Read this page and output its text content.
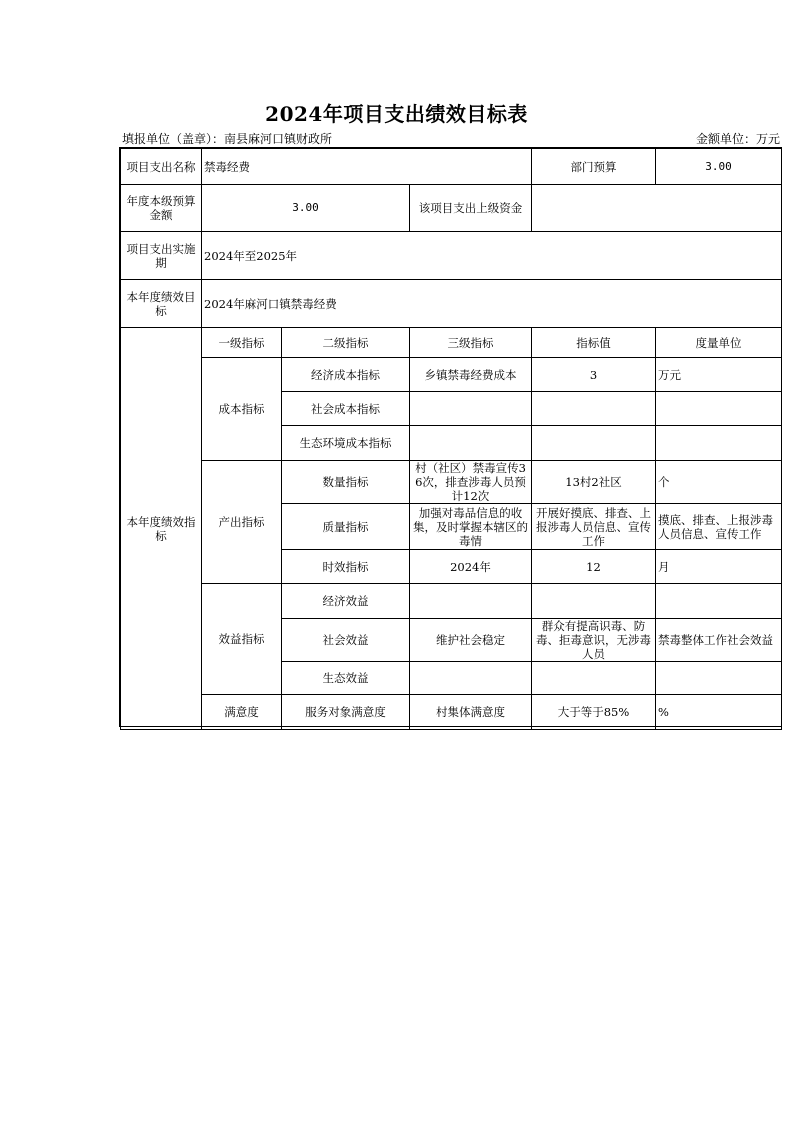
2024年项目支出绩效目标表
填报单位（盖章）：南县麻河口镇财政所	金额单位：万元
项目支出名称	禁毒经费			部门预算	3.00
年度本级预算金额	3.00		该项目支出上级资金		
项目支出实施期	2024年至2025年				
本年度绩效目标	2024年麻河口镇禁毒经费				
本年度绩效指标	一级指标	二级指标	三级指标	指标值	度量单位
	成本指标	经济成本指标	乡镇禁毒经费成本	3	万元
		社会成本指标			
		生态环境成本指标			
	产出指标	数量指标	村（社区）禁毒宣传36次，排查涉毒人员预计12次	13村2社区	个
		质量指标	加强对毒品信息的收集，及时掌握本辖区的毒情	开展好摸底、排查、上报涉毒人员信息、宣传工作	摸底、排查、上报涉毒人员信息、宣传工作
		时效指标	2024年	12	月
	效益指标	经济效益			
		社会效益	维护社会稳定	群众有提高识毒、防毒、拒毒意识，无涉毒人员	禁毒整体工作社会效益
		生态效益			
	满意度	服务对象满意度	村集体满意度	大于等于85%	%
